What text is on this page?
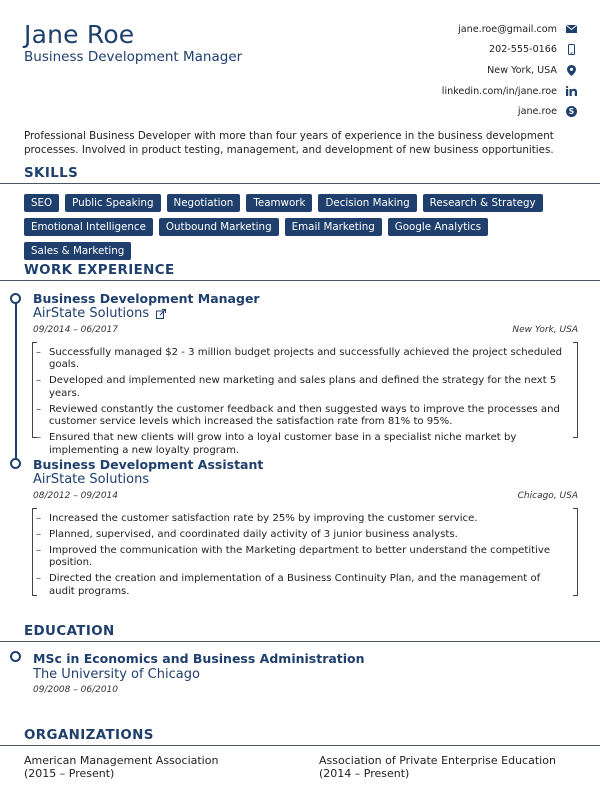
Jane Roe
Business Development Manager
jane.roe@gmail.com
202-555-0166
New York, USA
linkedin.com/in/jane.roe
jane.roe S
Professional Business Developer with more than four years of experience in the business development processes. Involved in product testing, management, and development of new business opportunities.
SKILLS
SEO	Public Speaking	Negotiation	Teamwork	Decision Making	Research & Strategy
Emotional Intelligence	Outbound Marketing	Email Marketing	Google Analytics
Sales & Marketing
WORK EXPERIENCE
Business Development Manager
AirState Solutions
09/2014 – 06/2017	New York, USA
– Successfully managed $2 - 3 million budget projects and successfully achieved the project scheduled goals.
– Developed and implemented new marketing and sales plans and defined the strategy for the next 5 years.
– Reviewed constantly the customer feedback and then suggested ways to improve the processes and customer service levels which increased the satisfaction rate from 81% to 95%.
– Ensured that new clients will grow into a loyal customer base in a specialist niche market by implementing a new loyalty program.
Business Development Assistant
AirState Solutions
08/2012 – 09/2014	Chicago, USA
– Increased the customer satisfaction rate by 25% by improving the customer service.
– Planned, supervised, and coordinated daily activity of 3 junior business analysts.
– Improved the communication with the Marketing department to better understand the competitive position.
– Directed the creation and implementation of a Business Continuity Plan, and the management of audit programs.
EDUCATION
MSc in Economics and Business Administration
The University of Chicago
09/2008 – 06/2010
ORGANIZATIONS
American Management Association
(2015 – Present)
Association of Private Enterprise Education
(2014 – Present)
